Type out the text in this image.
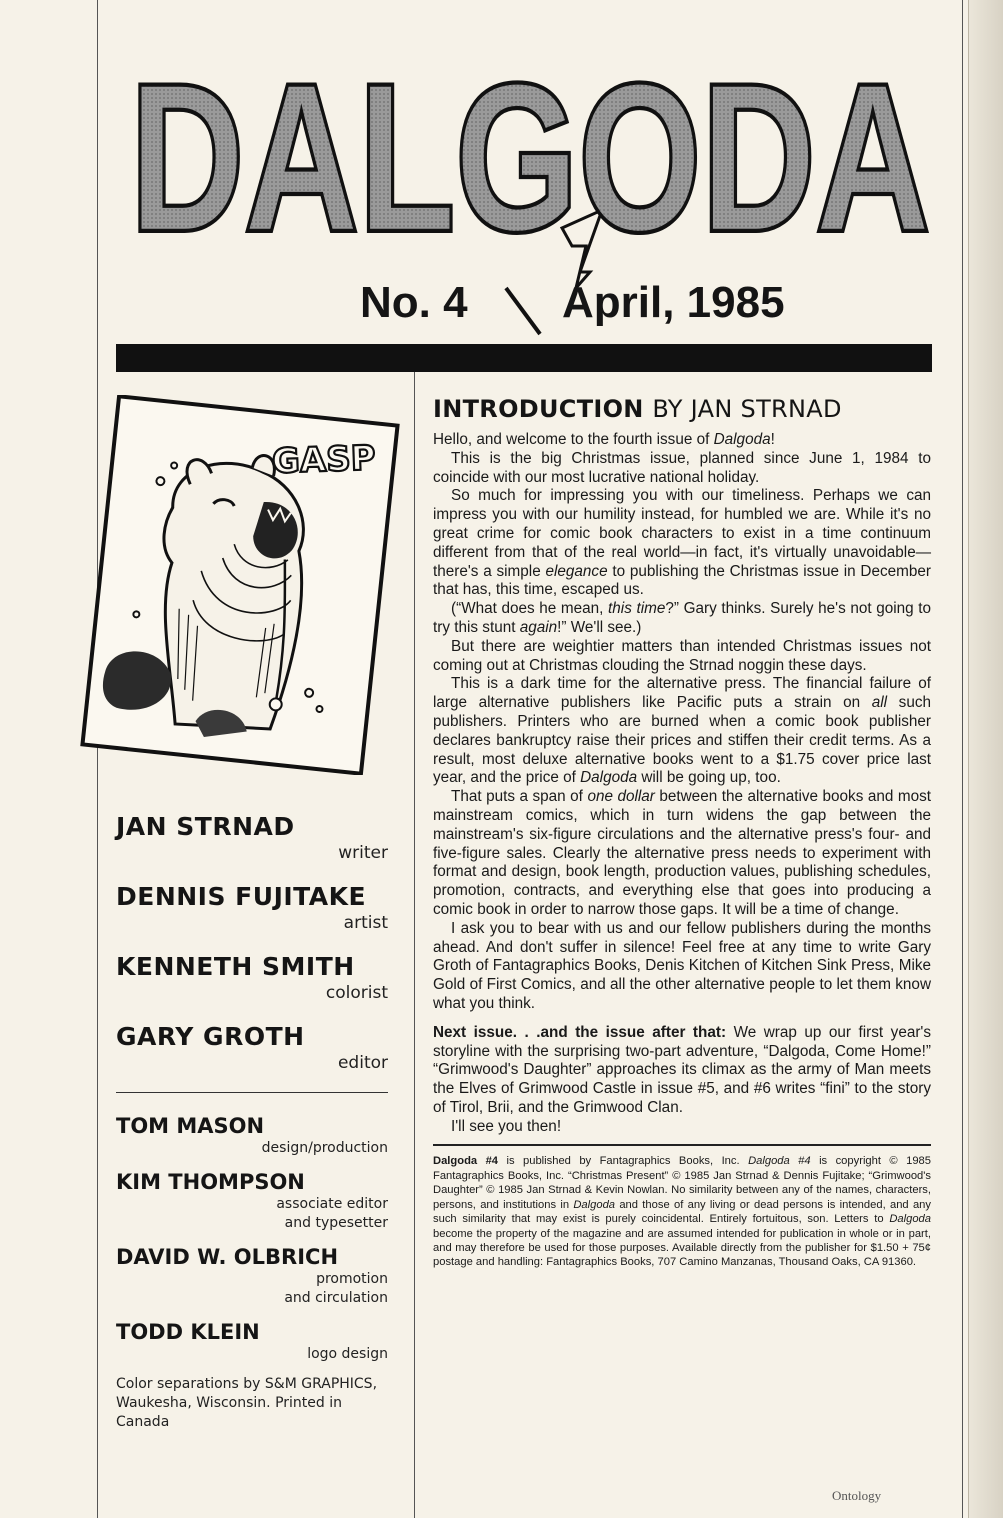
DALGODA
DALGODA
No. 4 April, 1985
GASP
JAN STRNAD
writer
DENNIS FUJITAKE
artist
KENNETH SMITH
colorist
GARY GROTH
editor
TOM MASON
design/production
KIM THOMPSON
associate editor
and typesetter
DAVID W. OLBRICH
promotion
and circulation
TODD KLEIN
logo design
Color separations by S&M GRAPHICS, Waukesha, Wisconsin. Printed in Canada
INTRODUCTION BY JAN STRNAD

Hello, and welcome to the fourth issue of Dalgoda!

This is the big Christmas issue, planned since June 1, 1984 to coincide with our most lucrative national holiday.

So much for impressing you with our timeliness. Perhaps we can impress you with our humility instead, for humbled we are. While it's no great crime for comic book characters to exist in a time continuum different from that of the real world—in fact, it's virtually unavoidable—there's a simple elegance to publishing the Christmas issue in December that has, this time, escaped us.

(“What does he mean, this time?” Gary thinks. Surely he's not going to try this stunt again!” We'll see.)

But there are weightier matters than intended Christmas issues not coming out at Christmas clouding the Strnad noggin these days.

This is a dark time for the alternative press. The financial failure of large alternative publishers like Pacific puts a strain on all such publishers. Printers who are burned when a comic book publisher declares bankruptcy raise their prices and stiffen their credit terms. As a result, most deluxe alternative books went to a $1.75 cover price last year, and the price of Dalgoda will be going up, too.

That puts a span of one dollar between the alternative books and most mainstream comics, which in turn widens the gap between the mainstream's six-figure circulations and the alternative press's four- and five-figure sales. Clearly the alternative press needs to experiment with format and design, book length, production values, publishing schedules, promotion, contracts, and everything else that goes into producing a comic book in order to narrow those gaps. It will be a time of change.

I ask you to bear with us and our fellow publishers during the months ahead. And don't suffer in silence! Feel free at any time to write Gary Groth of Fantagraphics Books, Denis Kitchen of Kitchen Sink Press, Mike Gold of First Comics, and all the other alternative people to let them know what you think.

Next issue. . .and the issue after that: We wrap up our first year's storyline with the surprising two-part adventure, “Dalgoda, Come Home!” “Grimwood's Daughter” approaches its climax as the army of Man meets the Elves of Grimwood Castle in issue #5, and #6 writes “fini” to the story of Tirol, Brii, and the Grimwood Clan.

I'll see you then!

Dalgoda #4 is published by Fantagraphics Books, Inc. Dalgoda #4 is copyright © 1985 Fantagraphics Books, Inc. “Christmas Present” © 1985 Jan Strnad & Dennis Fujitake; “Grimwood's Daughter” © 1985 Jan Strnad & Kevin Nowlan. No similarity between any of the names, characters, persons, and institutions in Dalgoda and those of any living or dead persons is intended, and any such similarity that may exist is purely coincidental. Entirely fortuitous, son. Letters to Dalgoda become the property of the magazine and are assumed intended for publication in whole or in part, and may therefore be used for those purposes. Available directly from the publisher for $1.50 + 75¢ postage and handling: Fantagraphics Books, 707 Camino Manzanas, Thousand Oaks, CA 91360.
Ontology
